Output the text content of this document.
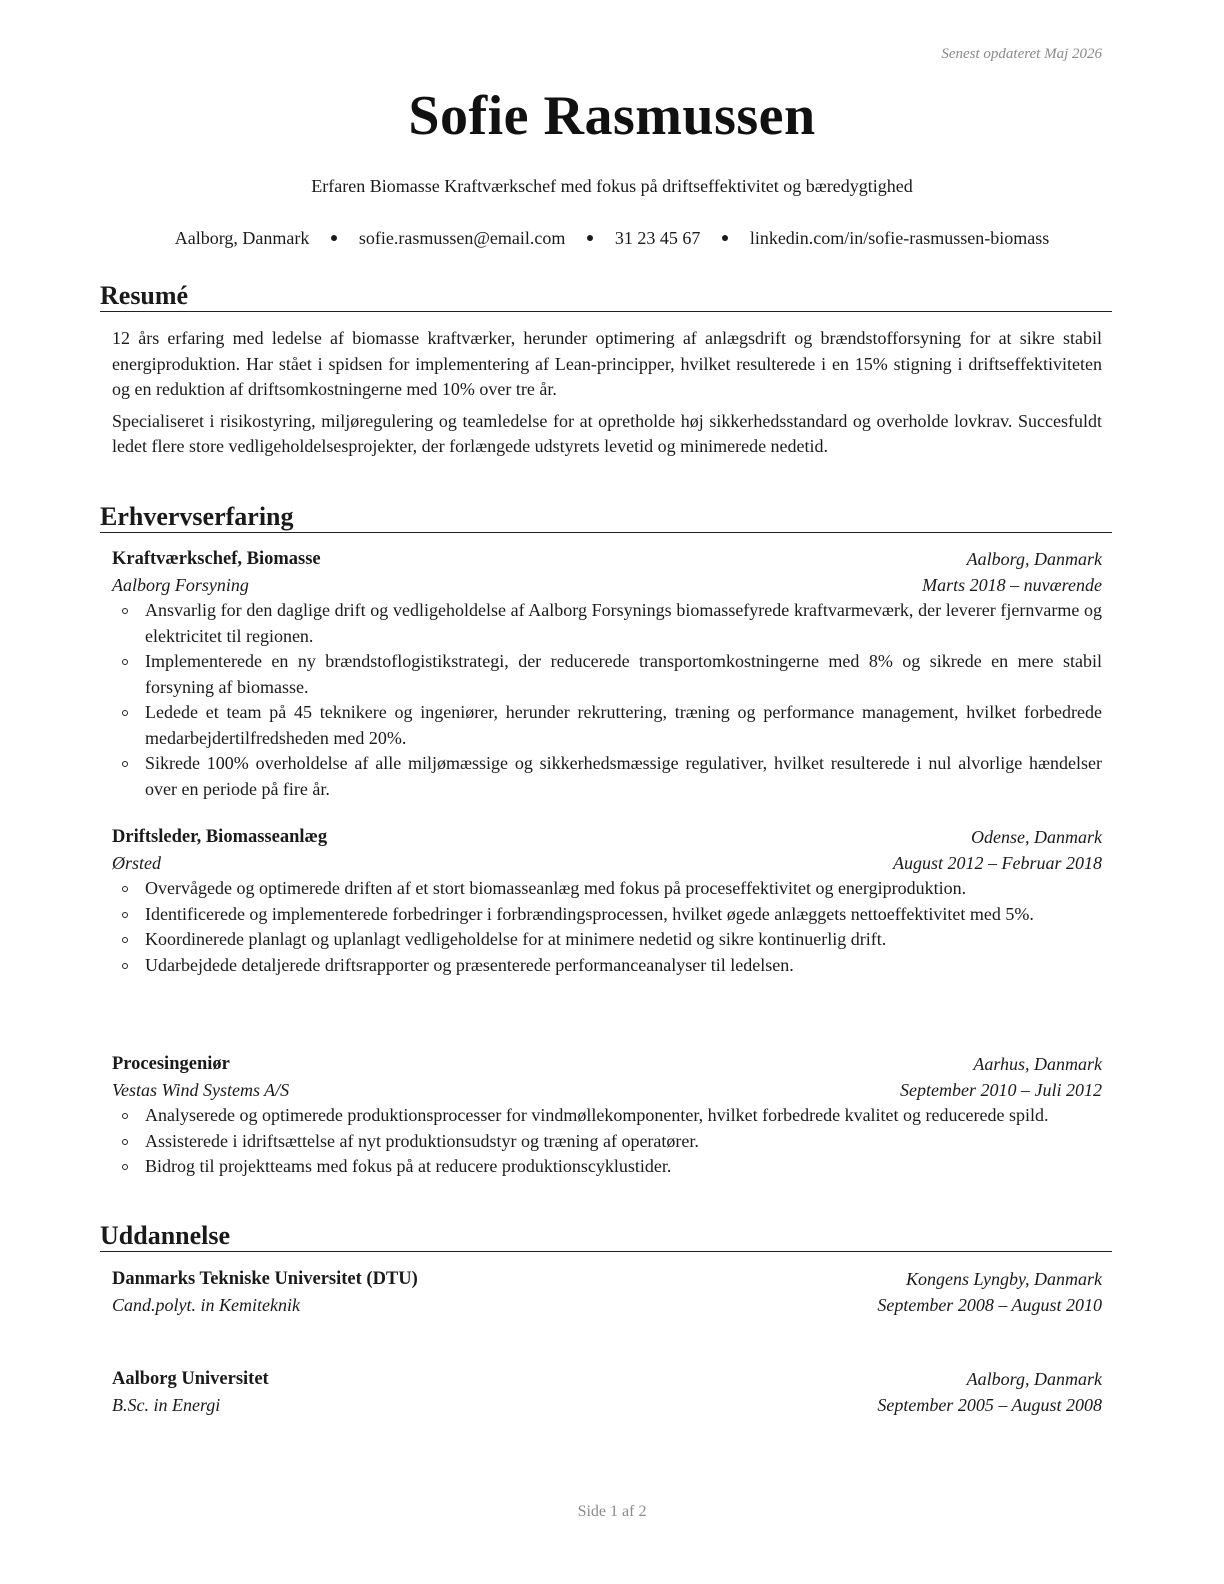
Senest opdateret Maj 2026
Sofie Rasmussen
Erfaren Biomasse Kraftværkschef med fokus på driftseffektivitet og bæredygtighed
Aalborg, Danmark ● sofie.rasmussen@email.com ● 31 23 45 67 ● linkedin.com/in/sofie-rasmussen-biomass
Resumé

12 års erfaring med ledelse af biomasse kraftværker, herunder optimering af anlægsdrift og brændstofforsyning for at sikre stabil energiproduktion. Har stået i spidsen for implementering af Lean-principper, hvilket resulterede i en 15% stigning i driftseffektiviteten og en reduktion af driftsomkostningerne med 10% over tre år.

Specialiseret i risikostyring, miljøregulering og teamledelse for at opretholde høj sikkerhedsstandard og overholde lovkrav. Succesfuldt ledet flere store vedligeholdelsesprojekter, der forlængede udstyrets levetid og minimerede nedetid.

Erhvervserfaring
Kraftværkschef, Biomasse	Aalborg, Danmark
Aalborg Forsyning	Marts 2018 – nuværende
Ansvarlig for den daglige drift og vedligeholdelse af Aalborg Forsynings biomassefyrede kraftvarmeværk, der leverer fjernvarme og elektricitet til regionen.
Implementerede en ny brændstoflogistikstrategi, der reducerede transportomkostningerne med 8% og sikrede en mere stabil forsyning af biomasse.
Ledede et team på 45 teknikere og ingeniører, herunder rekruttering, træning og performance management, hvilket forbedrede medarbejdertilfredsheden med 20%.
Sikrede 100% overholdelse af alle miljømæssige og sikkerhedsmæssige regulativer, hvilket resulterede i nul alvorlige hændelser over en periode på fire år.
Driftsleder, Biomasseanlæg	Odense, Danmark
Ørsted	August 2012 – Februar 2018
Overvågede og optimerede driften af et stort biomasseanlæg med fokus på proceseffektivitet og energiproduktion.
Identificerede og implementerede forbedringer i forbrændingsprocessen, hvilket øgede anlæggets nettoeffektivitet med 5%.
Koordinerede planlagt og uplanlagt vedligeholdelse for at minimere nedetid og sikre kontinuerlig drift.
Udarbejdede detaljerede driftsrapporter og præsenterede performanceanalyser til ledelsen.
Procesingeniør	Aarhus, Danmark
Vestas Wind Systems A/S	September 2010 – Juli 2012
Analyserede og optimerede produktionsprocesser for vindmøllekomponenter, hvilket forbedrede kvalitet og reducerede spild.
Assisterede i idriftsættelse af nyt produktionsudstyr og træning af operatører.
Bidrog til projektteams med fokus på at reducere produktionscyklustider.
Uddannelse
Danmarks Tekniske Universitet (DTU)	Kongens Lyngby, Danmark
Cand.polyt. in Kemiteknik	September 2008 – August 2010
Aalborg Universitet	Aalborg, Danmark
B.Sc. in Energi	September 2005 – August 2008
Side 1 af 2
